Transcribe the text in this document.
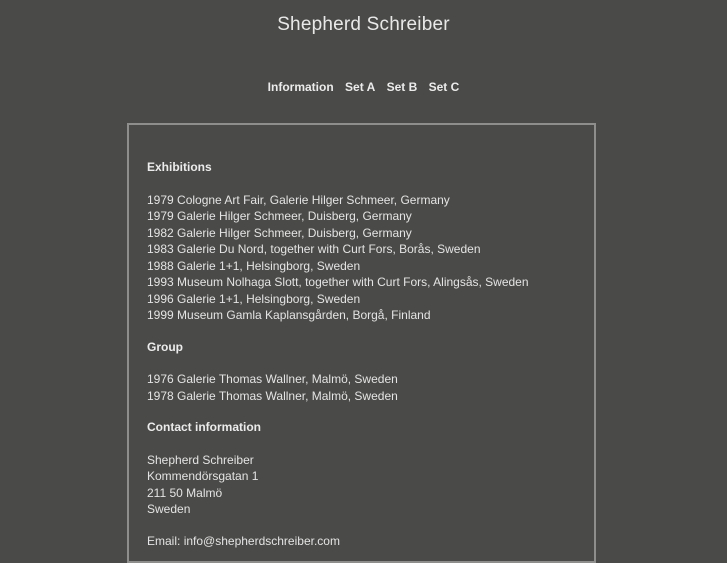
Shepherd Schreiber
Information Set A Set B Set C
Exhibitions
1979 Cologne Art Fair, Galerie Hilger Schmeer, Germany
1979 Galerie Hilger Schmeer, Duisberg, Germany
1982 Galerie Hilger Schmeer, Duisberg, Germany
1983 Galerie Du Nord, together with Curt Fors, Borås, Sweden
1988 Galerie 1+1, Helsingborg, Sweden
1993 Museum Nolhaga Slott, together with Curt Fors, Alingsås, Sweden
1996 Galerie 1+1, Helsingborg, Sweden
1999 Museum Gamla Kaplansgården, Borgå, Finland
Group
1976 Galerie Thomas Wallner, Malmö, Sweden
1978 Galerie Thomas Wallner, Malmö, Sweden
Contact information
Shepherd Schreiber
Kommendörsgatan 1
211 50 Malmö
Sweden
Email: info@shepherdschreiber.com
